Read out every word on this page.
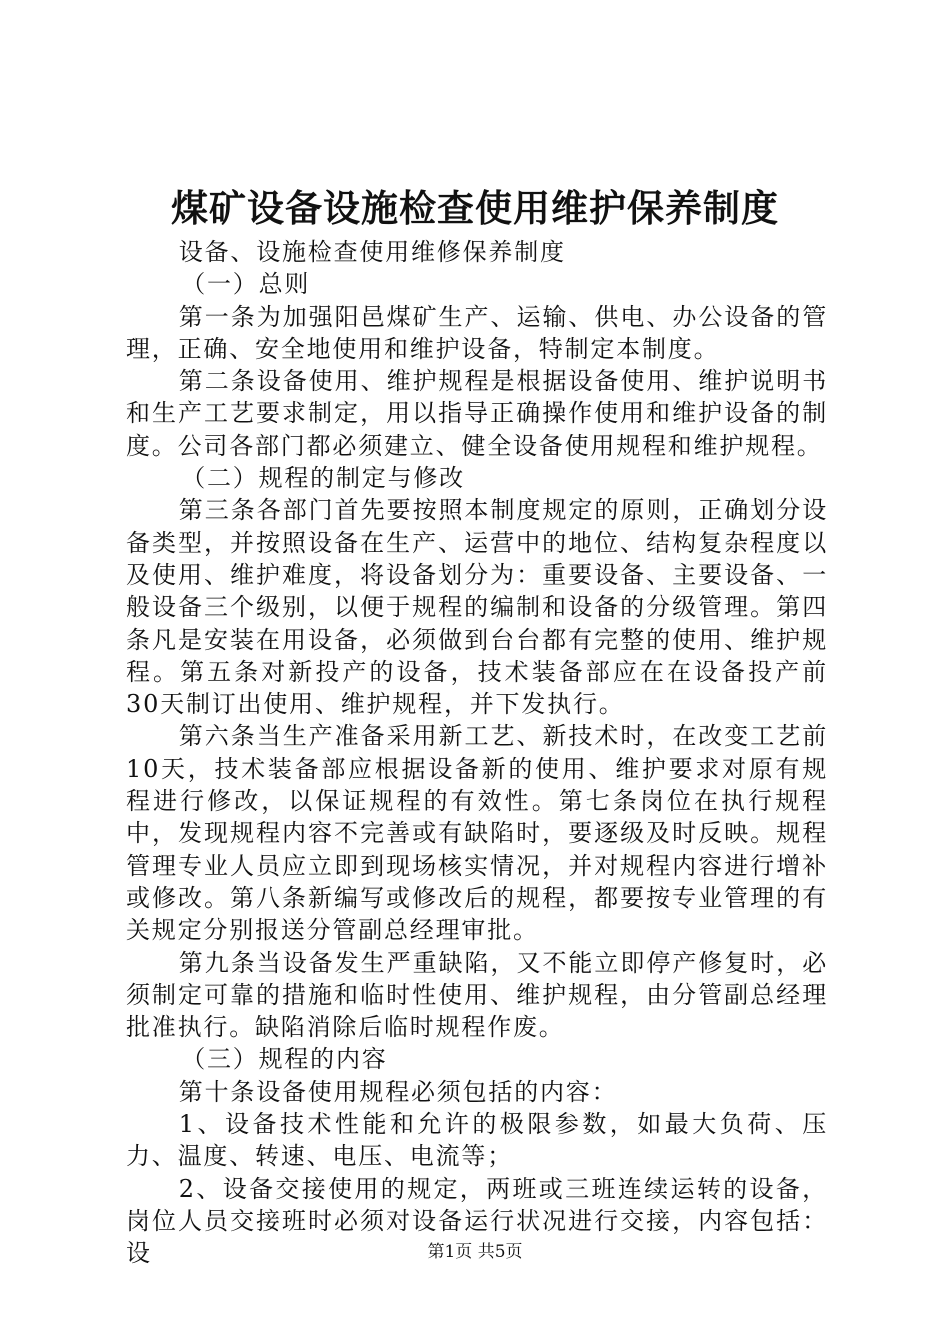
煤矿设备设施检查使用维护保养制度

设备、设施检查使用维修保养制度

（一）总则

第一条为加强阳邑煤矿生产、运输、供电、办公设备的管理，正确、安全地使用和维护设备，特制定本制度。

第二条设备使用、维护规程是根据设备使用、维护说明书和生产工艺要求制定，用以指导正确操作使用和维护设备的制度。公司各部门都必须建立、健全设备使用规程和维护规程。

（二）规程的制定与修改

第三条各部门首先要按照本制度规定的原则，正确划分设备类型，并按照设备在生产、运营中的地位、结构复杂程度以及使用、维护难度，将设备划分为：重要设备、主要设备、一般设备三个级别，以便于规程的编制和设备的分级管理。第四条凡是安装在用设备，必须做到台台都有完整的使用、维护规程。第五条对新投产的设备，技术装备部应在在设备投产前30天制订出使用、维护规程，并下发执行。

第六条当生产准备采用新工艺、新技术时，在改变工艺前10天，技术装备部应根据设备新的使用、维护要求对原有规程进行修改，以保证规程的有效性。第七条岗位在执行规程中，发现规程内容不完善或有缺陷时，要逐级及时反映。规程管理专业人员应立即到现场核实情况，并对规程内容进行增补或修改。第八条新编写或修改后的规程，都要按专业管理的有关规定分别报送分管副总经理审批。

第九条当设备发生严重缺陷，又不能立即停产修复时，必须制定可靠的措施和临时性使用、维护规程，由分管副总经理批准执行。缺陷消除后临时规程作废。

（三）规程的内容

第十条设备使用规程必须包括的内容：

1、设备技术性能和允许的极限参数，如最大负荷、压力、温度、转速、电压、电流等；

2、设备交接使用的规定，两班或三班连续运转的设备，岗位人员交接班时必须对设备运行状况进行交接，内容包括：设	第1页 共5页
